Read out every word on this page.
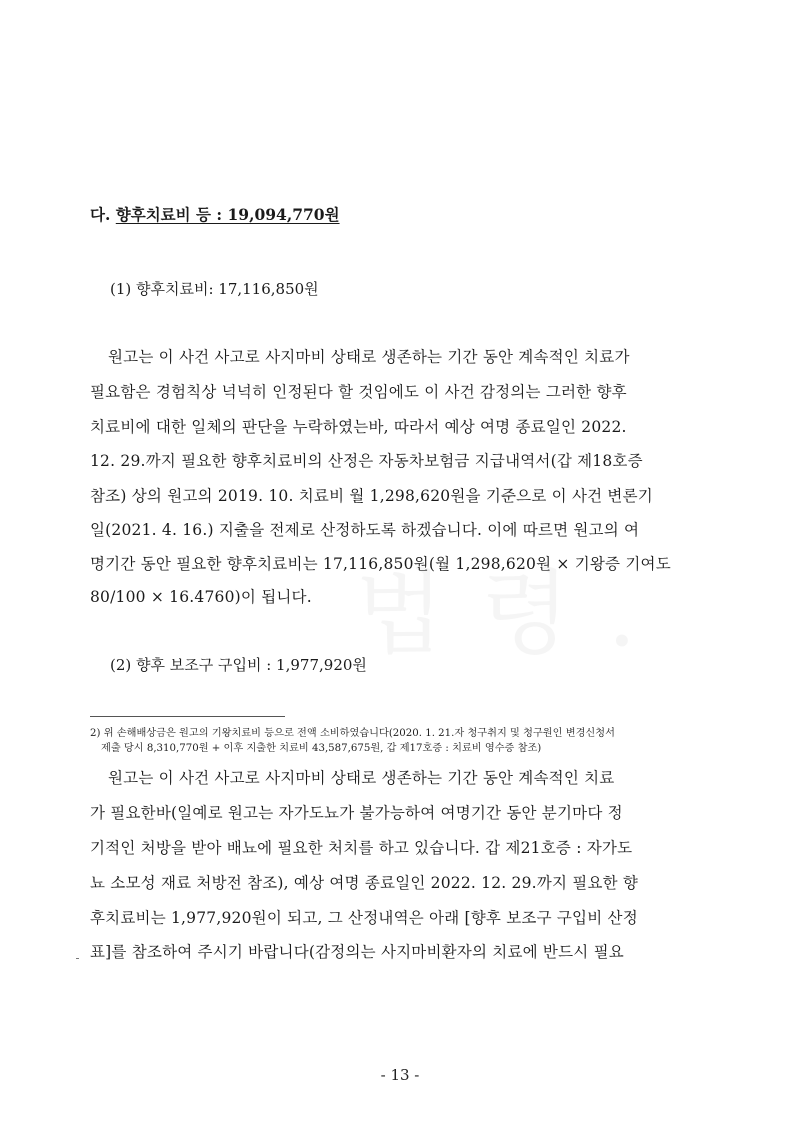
다. 향후치료비 등 : 19,094,770원
(1) 향후치료비: 17,116,850원
원고는 이 사건 사고로 사지마비 상태로 생존하는 기간 동안 계속적인 치료가
필요함은 경험칙상 넉넉히 인정된다 할 것임에도 이 사건 감정의는 그러한 향후
치료비에 대한 일체의 판단을 누락하였는바, 따라서 예상 여명 종료일인 2022.
12. 29.까지 필요한 향후치료비의 산정은 자동차보험금 지급내역서(갑 제18호증
참조) 상의 원고의 2019. 10. 치료비 월 1,298,620원을 기준으로 이 사건 변론기
일(2021. 4. 16.) 지출을 전제로 산정하도록 하겠습니다. 이에 따르면 원고의 여
명기간 동안 필요한 향후치료비는 17,116,850원(월 1,298,620원 × 기왕증 기여도
80/100 × 16.4760)이 됩니다.
(2) 향후 보조구 구입비 : 1,977,920원
2) 위 손해배상금은 원고의 기왕치료비 등으로 전액 소비하였습니다(2020. 1. 21.자 청구취지 및 청구원인 변경신청서
제출 당시 8,310,770원 + 이후 지출한 치료비 43,587,675원, 갑 제17호증 : 치료비 영수증 참조)
원고는 이 사건 사고로 사지마비 상태로 생존하는 기간 동안 계속적인 치료
가 필요한바(일예로 원고는 자가도뇨가 불가능하여 여명기간 동안 분기마다 정
기적인 처방을 받아 배뇨에 필요한 처치를 하고 있습니다. 갑 제21호증 : 자가도
뇨 소모성 재료 처방전 참조), 예상 여명 종료일인 2022. 12. 29.까지 필요한 향
후치료비는 1,977,920원이 되고, 그 산정내역은 아래 [향후 보조구 구입비 산정
표]를 참조하여 주시기 바랍니다(감정의는 사지마비환자의 치료에 반드시 필요
- 13 -
